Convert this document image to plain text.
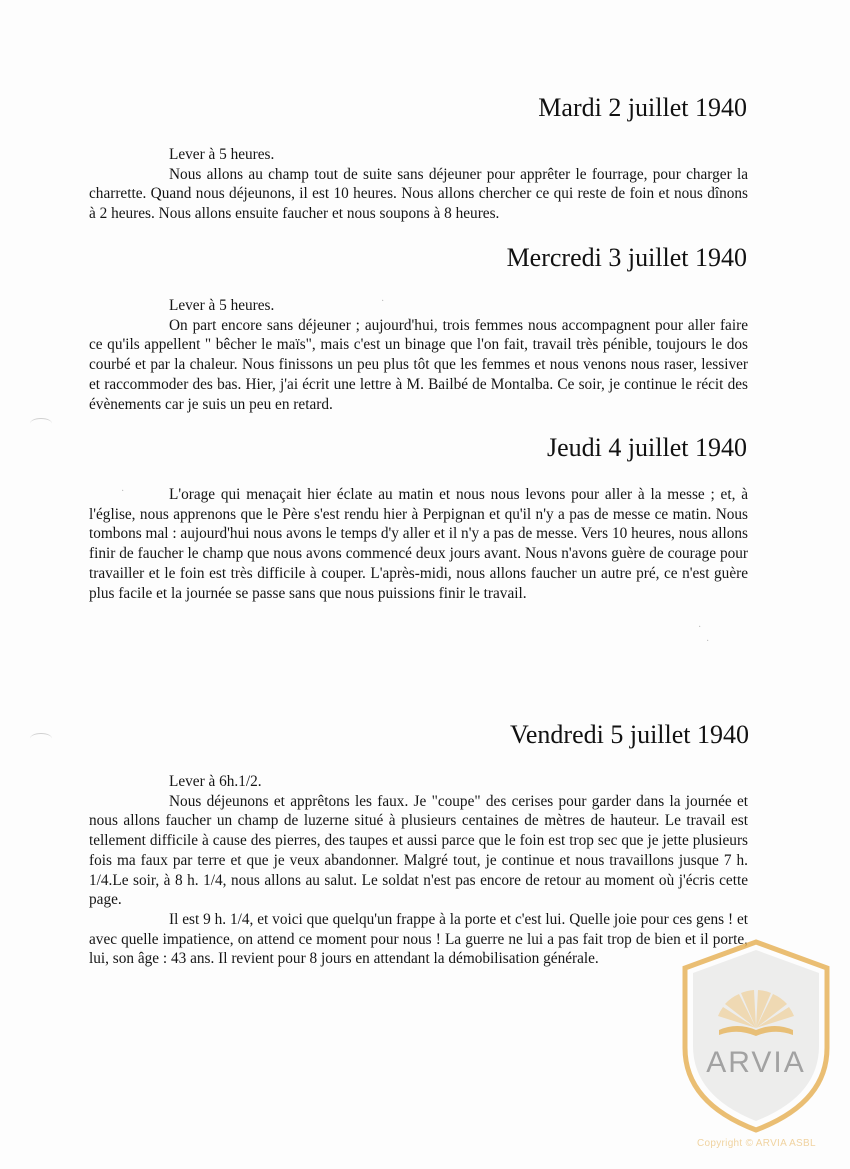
Mardi 2 juillet 1940

Lever à 5 heures.

Nous allons au champ tout de suite sans déjeuner pour apprêter le fourrage, pour charger la charrette. Quand nous déjeunons, il est 10 heures. Nous allons chercher ce qui reste de foin et nous dînons à 2 heures. Nous allons ensuite faucher et nous soupons à 8 heures.

Mercredi 3 juillet 1940

Lever à 5 heures.

On part encore sans déjeuner ; aujourd'hui, trois femmes nous accompagnent pour aller faire ce qu'ils appellent " bêcher le maïs", mais c'est un binage que l'on fait, travail très pénible, toujours le dos courbé et par la chaleur. Nous finissons un peu plus tôt que les femmes et nous venons nous raser, lessiver et raccommoder des bas. Hier, j'ai écrit une lettre à M. Bailbé de Montalba. Ce soir, je continue le récit des évènements car je suis un peu en retard.

Jeudi 4 juillet 1940

L'orage qui menaçait hier éclate au matin et nous nous levons pour aller à la messe ; et, à l'église, nous apprenons que le Père s'est rendu hier à Perpignan et qu'il n'y a pas de messe ce matin. Nous tombons mal : aujourd'hui nous avons le temps d'y aller et il n'y a pas de messe. Vers 10 heures, nous allons finir de faucher le champ que nous avons commencé deux jours avant. Nous n'avons guère de courage pour travailler et le foin est très difficile à couper. L'après-midi, nous allons faucher un autre pré, ce n'est guère plus facile et la journée se passe sans que nous puissions finir le travail.

Vendredi 5 juillet 1940

Lever à 6h.1/2.

Nous déjeunons et apprêtons les faux. Je "coupe" des cerises pour garder dans la journée et nous allons faucher un champ de luzerne situé à plusieurs centaines de mètres de hauteur. Le travail est tellement difficile à cause des pierres, des taupes et aussi parce que le foin est trop sec que je jette plusieurs fois ma faux par terre et que je veux abandonner. Malgré tout, je continue et nous travaillons jusque 7 h. 1/4.Le soir, à 8 h. 1/4, nous allons au salut. Le soldat n'est pas encore de retour au moment où j'écris cette page.

Il est 9 h. 1/4, et voici que quelqu'un frappe à la porte et c'est lui. Quelle joie pour ces gens ! et avec quelle impatience, on attend ce moment pour nous ! La guerre ne lui a pas fait trop de bien et il porte, lui, son âge : 43 ans. Il revient pour 8 jours en attendant la démobilisation générale.

·
·
·
·
ARVIA
Copyright © ARVIA ASBL
